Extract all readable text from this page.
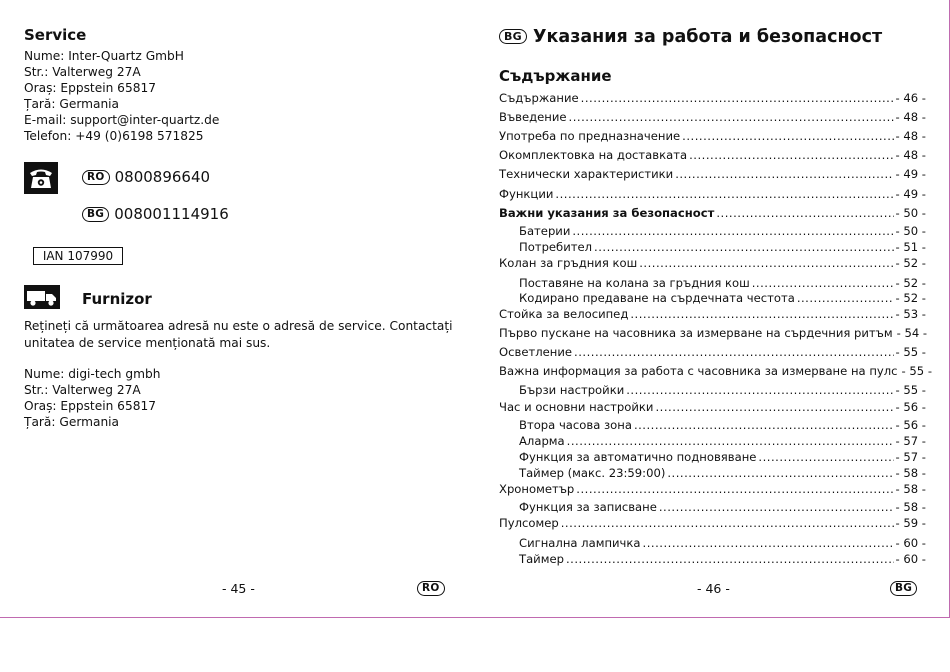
Service
Nume: Inter-Quartz GmbH
Str.: Valterweg 27A
Oraș: Eppstein 65817
Țară: Germania
E-mail: support@inter-quartz.de
Telefon: +49 (0)6198 571825
RO 0800896640
BG 008001114916
IAN 107990
Furnizor
Rețineți că următoarea adresă nu este o adresă de service. Contactați unitatea de service menționată mai sus.
Nume: digi-tech gmbh
Str.: Valterweg 27A
Oraș: Eppstein 65817
Țară: Germania
- 45 -	RO
BG Указания за работа и безопасност
Съдържание
Съдържание .....	- 46 -
Въведение .....	- 48 -
Употреба по предназначение .....	- 48 -
Окомплектовка на доставката .....	- 48 -
Технически характеристики .....	- 49 -
Функции .....	- 49 -
Важни указания за безопасност .....	- 50 -
Батерии .....	- 50 -
Потребител .....	- 51 -
Колан за гръдния кош .....	- 52 -
Поставяне на колана за гръдния кош .....	- 52 -
Кодирано предаване на сърдечната честота .....	- 52 -
Стойка за велосипед .....	- 53 -
Първо пускане на часовника за измерване на сърдечния ритъм - 54 -
Осветление .....	- 55 -
Важна информация за работа с часовника за измерване на пулс - 55 -
Бързи настройки .....	- 55 -
Час и основни настройки .....	- 56 -
Втора часова зона .....	- 56 -
Аларма .....	- 57 -
Функция за автоматично подновяване .....	- 57 -
Таймер (макс. 23:59:00) .....	- 58 -
Хронометър .....	- 58 -
Функция за записване .....	- 58 -
Пулсомер .....	- 59 -
Сигнална лампичка .....	- 60 -
Таймер .....	- 60 -
- 46 -	BG
